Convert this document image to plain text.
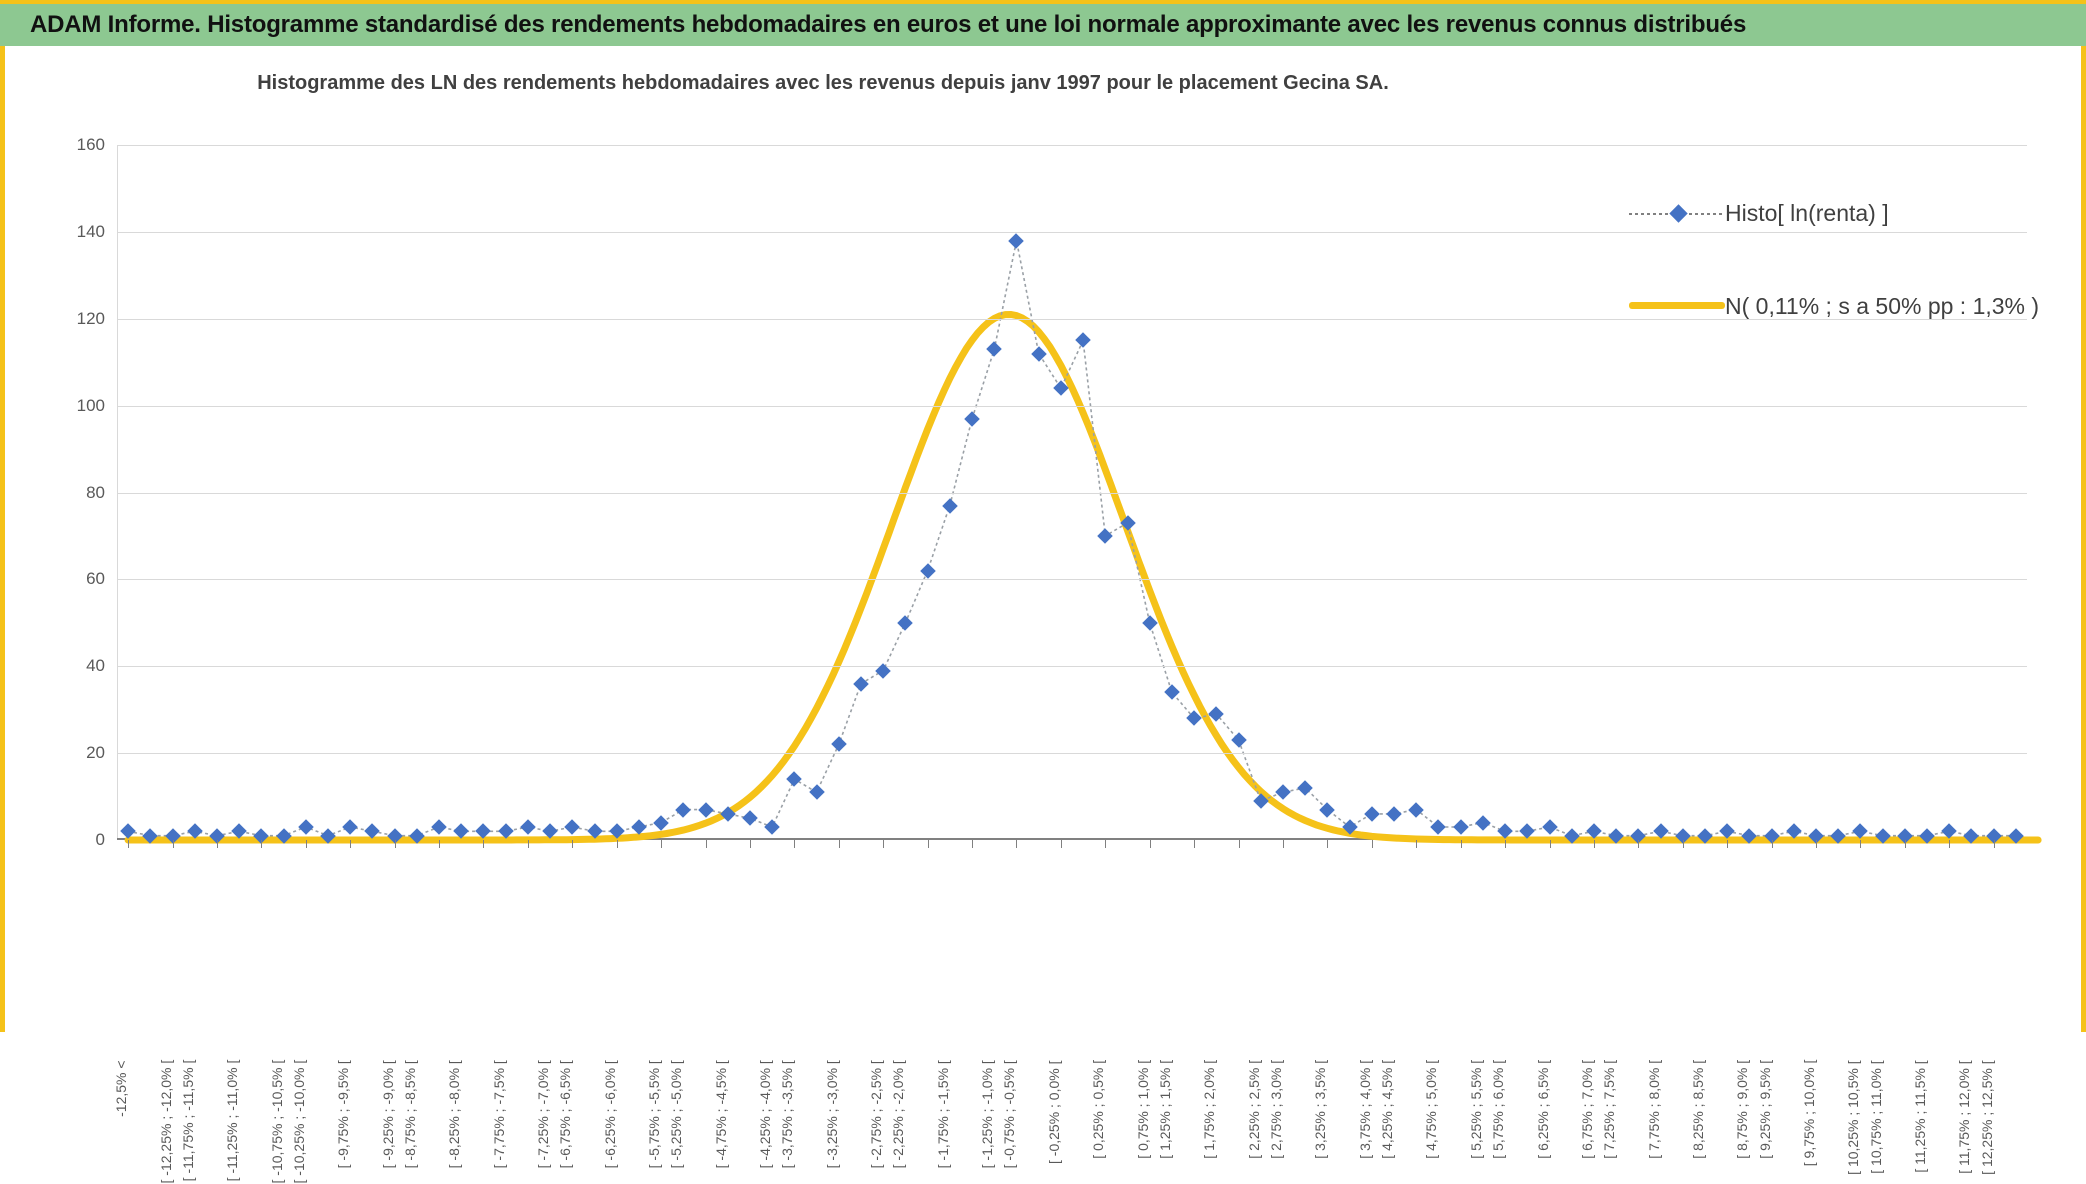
ADAM Informe. Histogramme standardisé des rendements hebdomadaires en euros et une loi normale approximante avec les revenus connus distribués
Histogramme des LN des rendements hebdomadaires avec les revenus depuis janv 1997 pour le placement Gecina SA.
0
20
40
60
80
100
120
140
160
-12,5% < [ -12,25% ; -12,0% [ [ -11,75% ; -11,5% [ [ -11,25% ; -11,0% [ [ -10,75% ; -10,5% [ [ -10,25% ; -10,0% [ [ -9,75% ; -9,5% [ [ -9,25% ; -9,0% [ [ -8,75% ; -8,5% [ [ -8,25% ; -8,0% [ [ -7,75% ; -7,5% [ [ -7,25% ; -7,0% [ [ -6,75% ; -6,5% [ [ -6,25% ; -6,0% [ [ -5,75% ; -5,5% [ [ -5,25% ; -5,0% [ [ -4,75% ; -4,5% [ [ -4,25% ; -4,0% [ [ -3,75% ; -3,5% [ [ -3,25% ; -3,0% [ [ -2,75% ; -2,5% [ [ -2,25% ; -2,0% [ [ -1,75% ; -1,5% [ [ -1,25% ; -1,0% [ [ -0,75% ; -0,5% [ [ -0,25% ; 0,0% [ [ 0,25% ; 0,5% [ [ 0,75% ; 1,0% [ [ 1,25% ; 1,5% [ [ 1,75% ; 2,0% [ [ 2,25% ; 2,5% [ [ 2,75% ; 3,0% [ [ 3,25% ; 3,5% [ [ 3,75% ; 4,0% [ [ 4,25% ; 4,5% [ [ 4,75% ; 5,0% [ [ 5,25% ; 5,5% [ [ 5,75% ; 6,0% [ [ 6,25% ; 6,5% [ [ 6,75% ; 7,0% [ [ 7,25% ; 7,5% [ [ 7,75% ; 8,0% [ [ 8,25% ; 8,5% [ [ 8,75% ; 9,0% [ [ 9,25% ; 9,5% [ [ 9,75% ; 10,0% [ [ 10,25% ; 10,5% [ [ 10,75% ; 11,0% [ [ 11,25% ; 11,5% [ [ 11,75% ; 12,0% [ [ 12,25% ; 12,5% [
Histo[ ln(renta) ]
N( 0,11% ; s a 50% pp : 1,3% )
